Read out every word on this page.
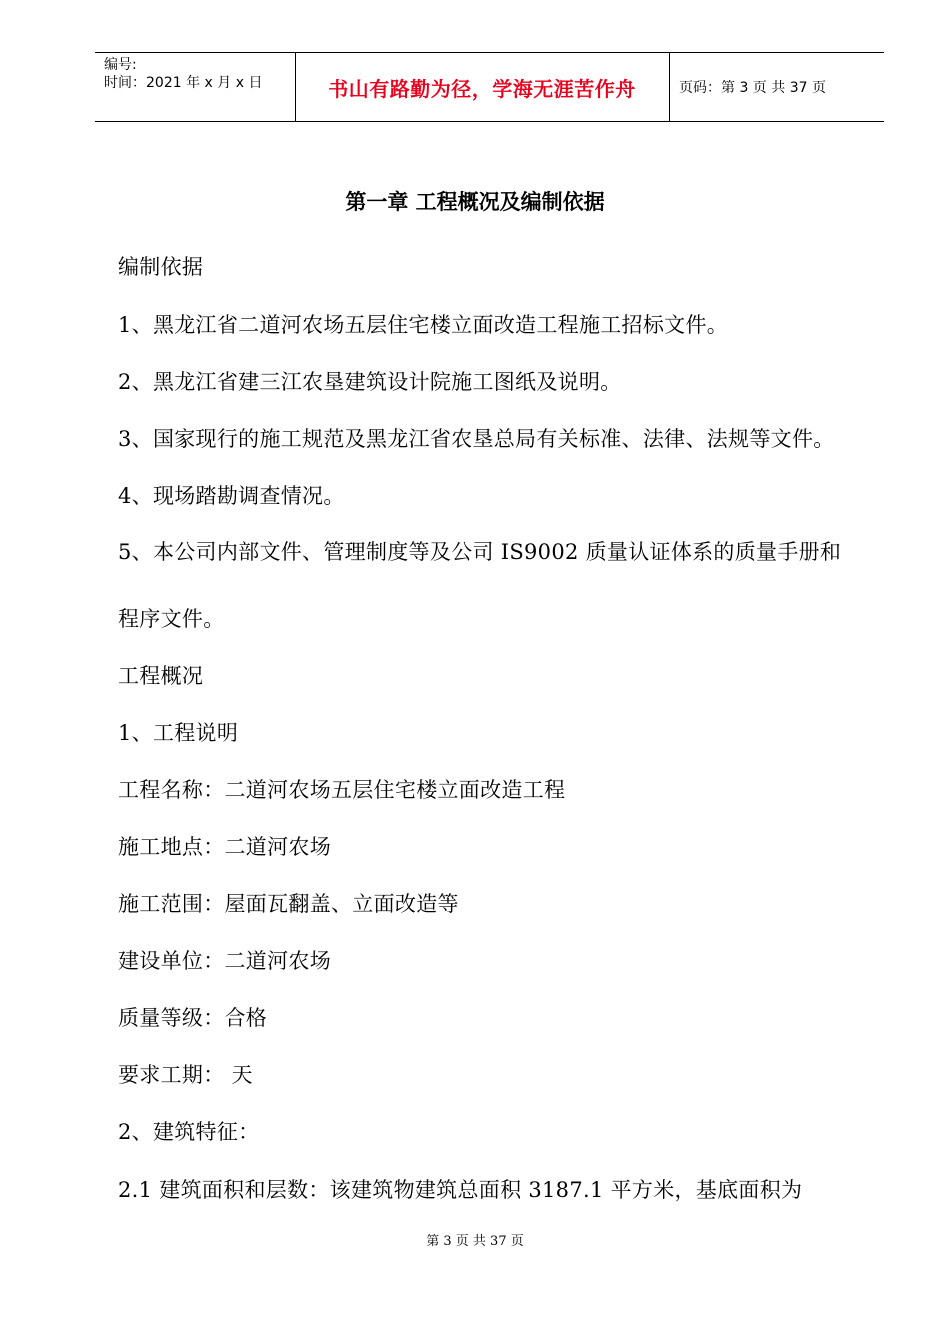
编号:
时间：2021 年 x 月 x 日	书山有路勤为径，学海无涯苦作舟	页码：第 3 页 共 37 页
第一章 工程概况及编制依据
编制依据
1、黑龙江省二道河农场五层住宅楼立面改造工程施工招标文件。
2、黑龙江省建三江农垦建筑设计院施工图纸及说明。
3、国家现行的施工规范及黑龙江省农垦总局有关标准、法律、法规等文件。
4、现场踏勘调查情况。
5、本公司内部文件、管理制度等及公司 IS9002 质量认证体系的质量手册和
程序文件。
工程概况
1、工程说明
工程名称：二道河农场五层住宅楼立面改造工程
施工地点：二道河农场
施工范围：屋面瓦翻盖、立面改造等
建设单位：二道河农场
质量等级：合格
要求工期： 天
2、建筑特征：
2.1 建筑面积和层数：该建筑物建筑总面积 3187.1 平方米，基底面积为
第 3 页 共 37 页
